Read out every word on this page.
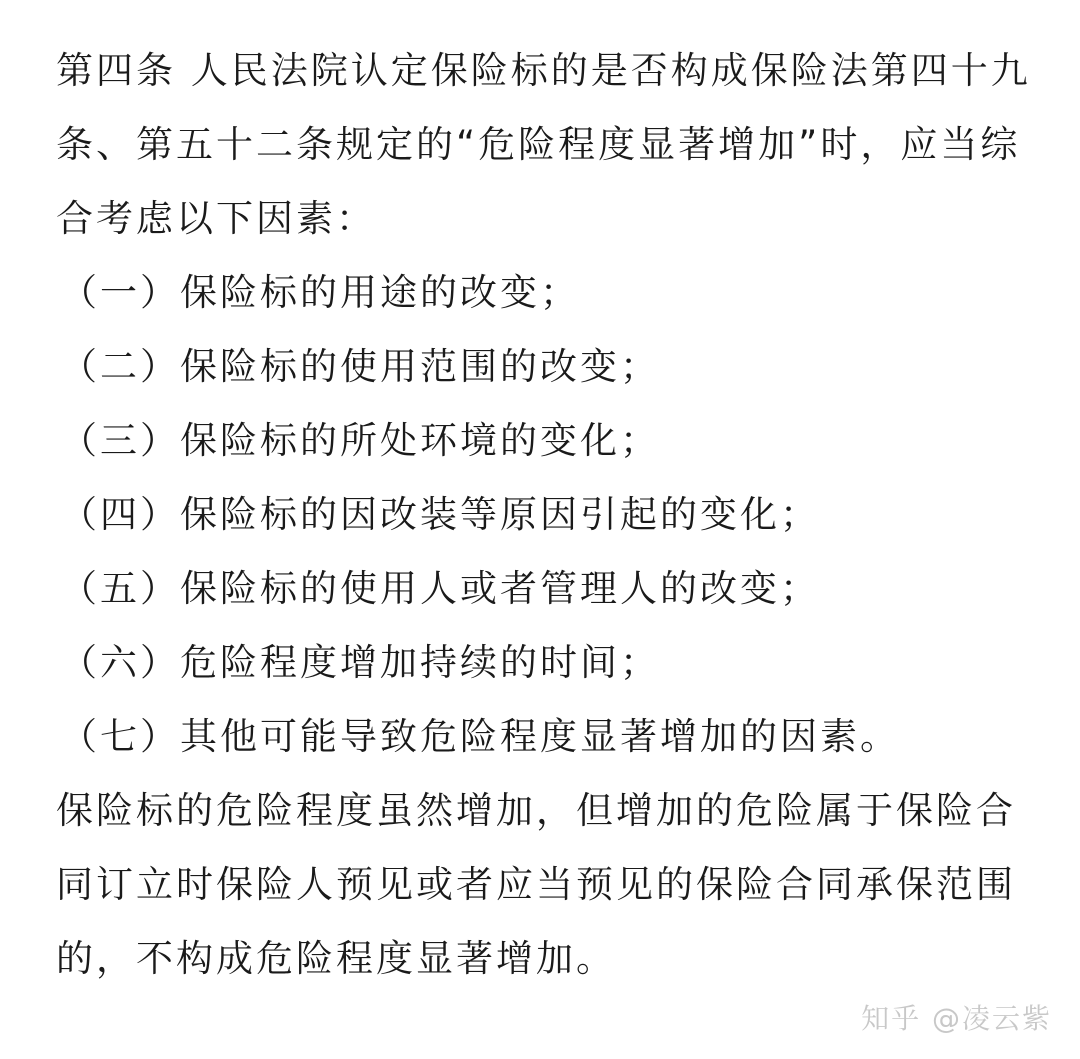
第四条 人民法院认定保险标的是否构成保险法第四十九条、第五十二条规定的“危险程度显著增加”时，应当综合考虑以下因素：

（一）保险标的用途的改变；

（二）保险标的使用范围的改变；

（三）保险标的所处环境的变化；

（四）保险标的因改装等原因引起的变化；

（五）保险标的使用人或者管理人的改变；

（六）危险程度增加持续的时间；

（七）其他可能导致危险程度显著增加的因素。

保险标的危险程度虽然增加，但增加的危险属于保险合同订立时保险人预见或者应当预见的保险合同承保范围的，不构成危险程度显著增加。

知乎 @凌云紫
